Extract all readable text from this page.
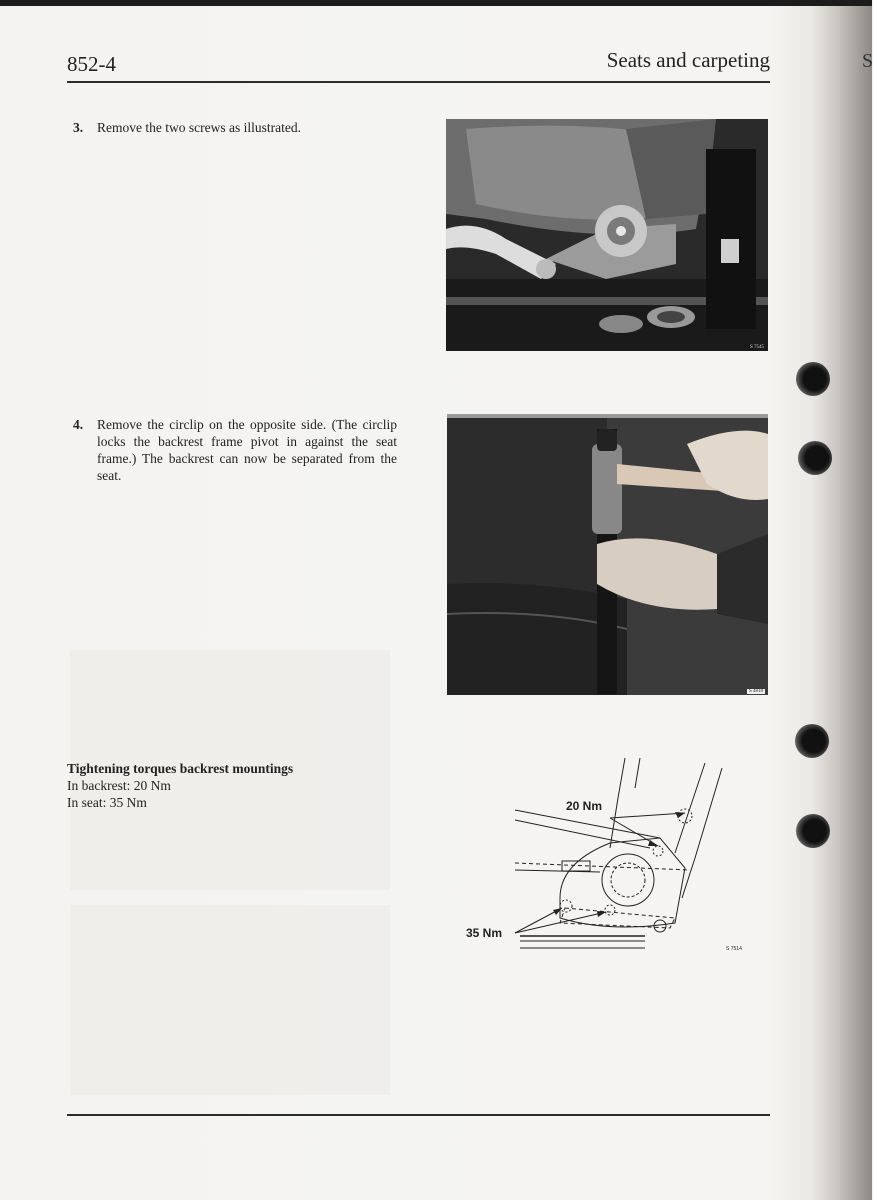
852-4	Seats and carpeting
3. Remove the two screws as illustrated.
4. Remove the circlip on the opposite side. (The circlip locks the backrest frame pivot in against the seat frame.) The backrest can now be separated from the seat.
Tightening torques backrest mountings
In backrest: 20 Nm
In seat: 35 Nm
S 7545
S 4818
20 Nm
35 Nm
S 7514
S
